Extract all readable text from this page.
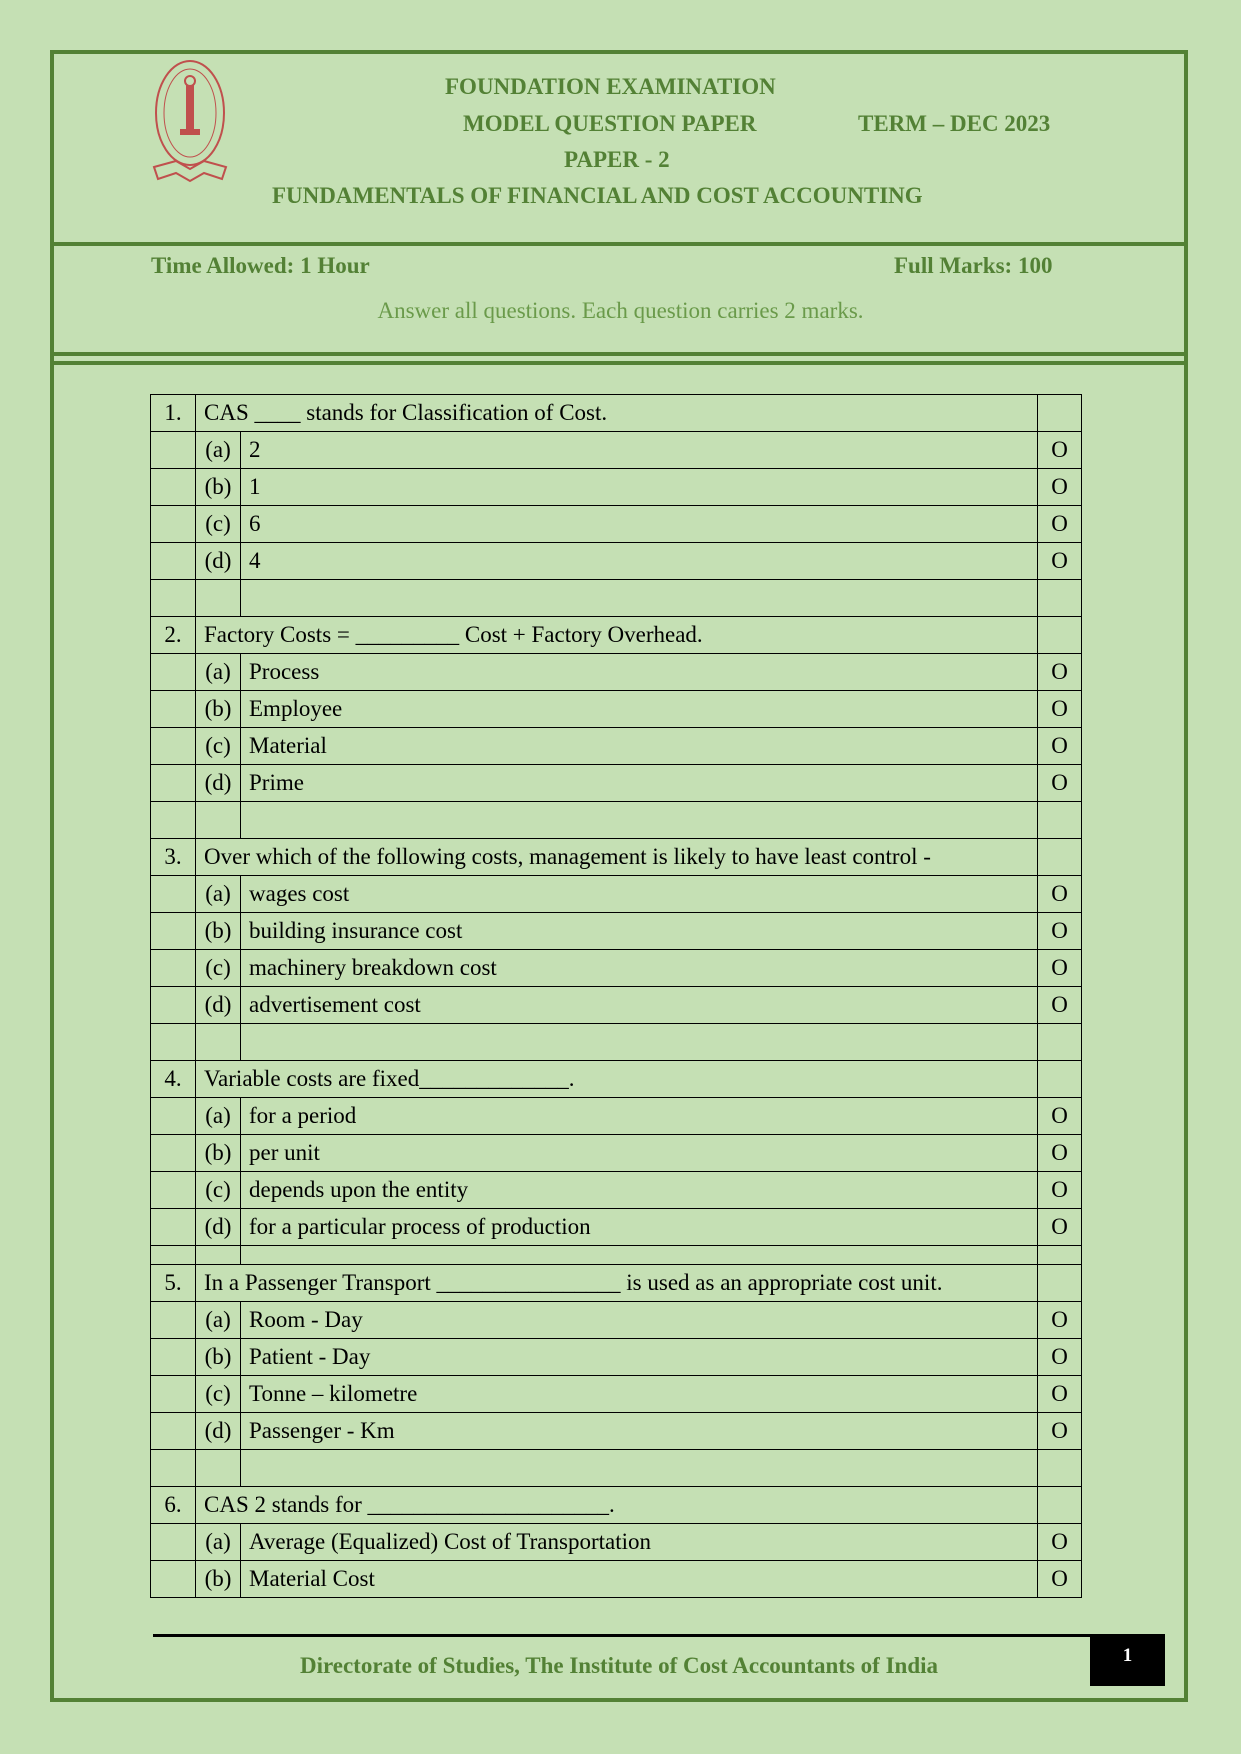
FOUNDATION EXAMINATION
MODEL QUESTION PAPER	TERM – DEC 2023
PAPER - 2
FUNDAMENTALS OF FINANCIAL AND COST ACCOUNTING
Time Allowed: 1 Hour	Full Marks: 100
Answer all questions. Each question carries 2 marks.
1.	CAS ____ stands for Classification of Cost.		
	(a)	2	O
	(b)	1	O
	(c)	6	O
	(d)	4	O

2.	Factory Costs = _________ Cost + Factory Overhead.		
	(a)	Process	O
	(b)	Employee	O
	(c)	Material	O
	(d)	Prime	O

3.	Over which of the following costs, management is likely to have least control -		
	(a)	wages cost	O
	(b)	building insurance cost	O
	(c)	machinery breakdown cost	O
	(d)	advertisement cost	O

4.	Variable costs are fixed_____________.		
	(a)	for a period	O
	(b)	per unit	O
	(c)	depends upon the entity	O
	(d)	for a particular process of production	O

5.	In a Passenger Transport ________________ is used as an appropriate cost unit.		
	(a)	Room - Day	O
	(b)	Patient - Day	O
	(c)	Tonne – kilometre	O
	(d)	Passenger - Km	O

6.	CAS 2 stands for _____________________.		
	(a)	Average (Equalized) Cost of Transportation	O
	(b)	Material Cost	O
Directorate of Studies, The Institute of Cost Accountants of India	1
